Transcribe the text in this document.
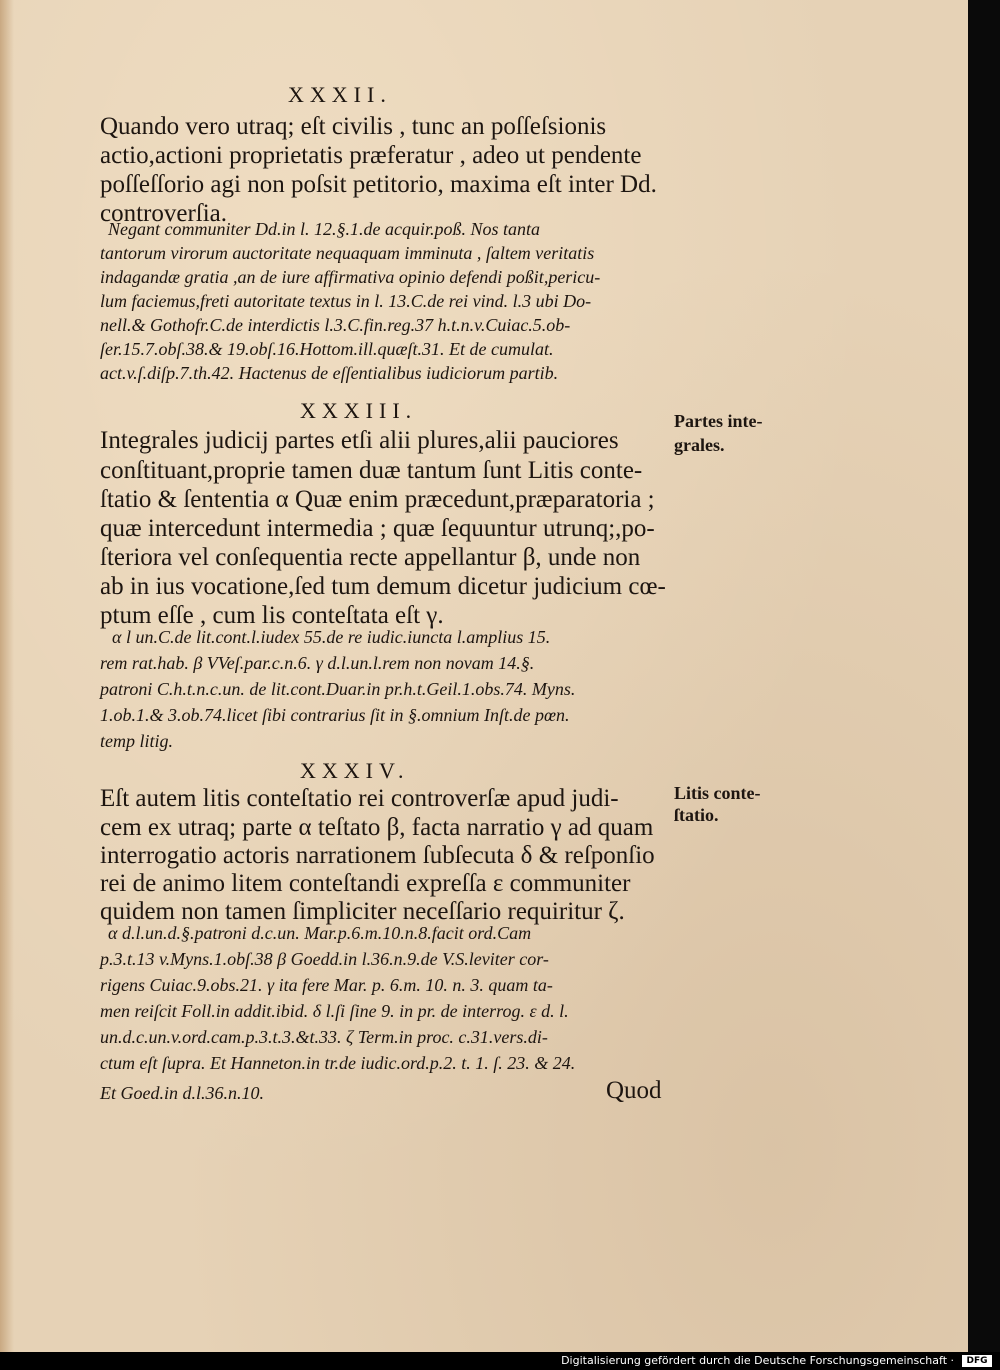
XXXII.
Quando vero utraq; eſt civilis , tunc an poſſeſsionis
actio,actioni proprietatis præferatur , adeo ut pendente
poſſeſſorio agi non poſsit petitorio, maxima eſt inter Dd.
controverſia.
Negant communiter Dd.in l. 12.§.1.de acquir.poß. Nos tanta
tantorum virorum auctoritate nequaquam imminuta , ſaltem veritatis
indagandæ gratia ,an de iure affirmativa opinio defendi poßit,pericu-
lum faciemus,freti autoritate textus in l. 13.C.de rei vind. l.3 ubi Do-
nell.& Gothofr.C.de interdictis l.3.C.fin.reg.37 h.t.n.v.Cuiac.5.ob-
ſer.15.7.obſ.38.& 19.obſ.16.Hottom.ill.quæſt.31. Et de cumulat.
act.v.ſ.diſp.7.th.42. Hactenus de eſſentialibus iudiciorum partib.
XXXIII.	Partes inte-
grales.
Integrales judicij partes etſi alii plures,alii pauciores
conſtituant,proprie tamen duæ tantum ſunt Litis conte-
ſtatio & ſententia α Quæ enim præcedunt,præparatoria ;
quæ intercedunt intermedia ; quæ ſequuntur utrunq;,po-
ſteriora vel conſequentia recte appellantur β, unde non
ab in ius vocatione,ſed tum demum dicetur judicium cœ-
ptum eſſe , cum lis conteſtata eſt γ.
α l un.C.de lit.cont.l.iudex 55.de re iudic.iuncta l.amplius 15.
rem rat.hab. β VVeſ.par.c.n.6. γ d.l.un.l.rem non novam 14.§.
patroni C.h.t.n.c.un. de lit.cont.Duar.in pr.h.t.Geil.1.obs.74. Myns.
1.ob.1.& 3.ob.74.licet ſibi contrarius ſit in §.omnium Inſt.de pœn.
temp litig.
XXXIV.
Litis conte-
ſtatio.
Eſt autem litis conteſtatio rei controverſæ apud judi-
cem ex utraq; parte α teſtato β, facta narratio γ ad quam
interrogatio actoris narrationem ſubſecuta δ & reſponſio
rei de animo litem conteſtandi expreſſa ε communiter
quidem non tamen ſimpliciter neceſſario requiritur ζ.
α d.l.un.d.§.patroni d.c.un. Mar.p.6.m.10.n.8.facit ord.Cam
p.3.t.13 v.Myns.1.obſ.38 β Goedd.in l.36.n.9.de V.S.leviter cor-
rigens Cuiac.9.obs.21. γ ita fere Mar. p. 6.m. 10. n. 3. quam ta-
men reiſcit Foll.in addit.ibid. δ l.ſi ſine 9. in pr. de interrog. ε d. l.
un.d.c.un.v.ord.cam.p.3.t.3.&t.33. ζ Term.in proc. c.31.vers.di-
ctum eſt ſupra. Et Hanneton.in tr.de iudic.ord.p.2. t. 1. ſ. 23. & 24.
Et Goed.in d.l.36.n.10.	Quod
Digitalisierung gefördert durch die Deutsche Forschungsgemeinschaft ·	DFG
